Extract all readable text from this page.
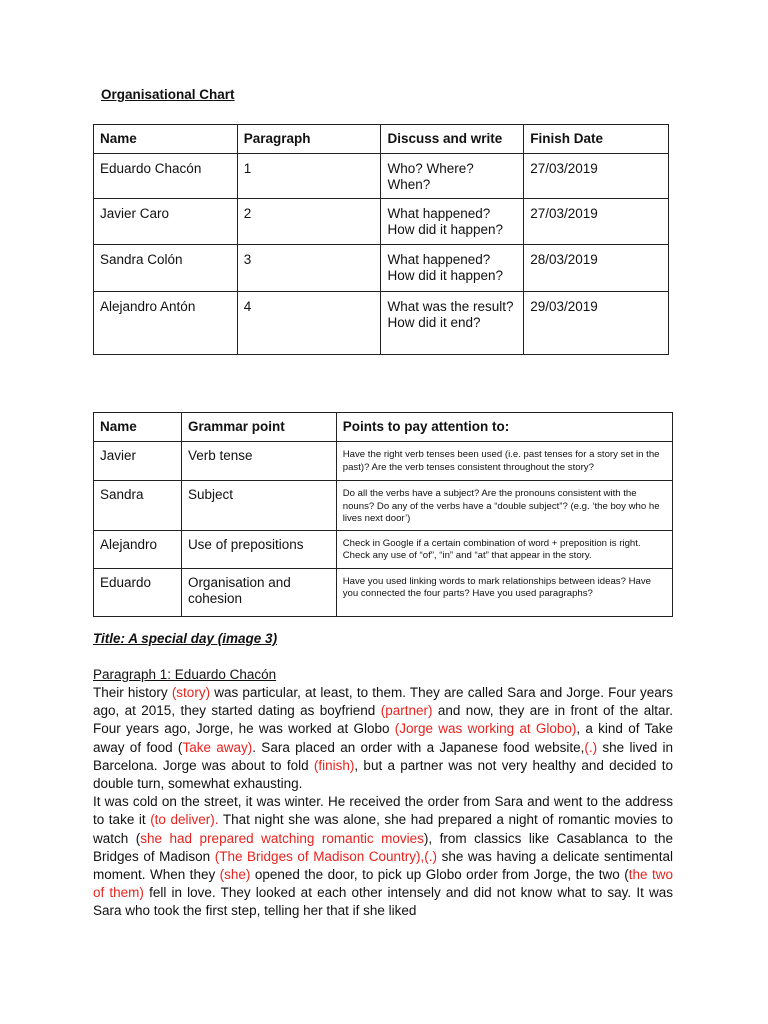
Organisational Chart
Name	Paragraph	Discuss and write	Finish Date
Eduardo Chacón	1	Who? Where? When?	27/03/2019
Javier Caro	2	What happened? How did it happen?	27/03/2019
Sandra Colón	3	What happened? How did it happen?	28/03/2019
Alejandro Antón	4	What was the result? How did it end?	29/03/2019
Name	Grammar point	Points to pay attention to:
Javier	Verb tense	Have the right verb tenses been used (i.e. past tenses for a story set in the past)? Are the verb tenses consistent throughout the story?
Sandra	Subject	Do all the verbs have a subject? Are the pronouns consistent with the nouns? Do any of the verbs have a “double subject”? (e.g. ‘the boy who he lives next door’)
Alejandro	Use of prepositions	Check in Google if a certain combination of word + preposition is right. Check any use of “of”, “in” and “at” that appear in the story.
Eduardo	Organisation and cohesion	Have you used linking words to mark relationships between ideas? Have you connected the four parts? Have you used paragraphs?
Title: A special day (image 3)
Paragraph 1: Eduardo Chacón

Their history (story) was particular, at least, to them. They are called Sara and Jorge. Four years ago, at 2015, they started dating as boyfriend (partner) and now, they are in front of the altar. Four years ago, Jorge, he was worked at Globo (Jorge was working at Globo), a kind of Take away of food (Take away). Sara placed an order with a Japanese food website,(.) she lived in Barcelona. Jorge was about to fold (finish), but a partner was not very healthy and decided to double turn, somewhat exhausting.

It was cold on the street, it was winter. He received the order from Sara and went to the address to take it (to deliver). That night she was alone, she had prepared a night of romantic movies to watch (she had prepared watching romantic movies), from classics like Casablanca to the Bridges of Madison (The Bridges of Madison Country),(.) she was having a delicate sentimental moment. When they (she) opened the door, to pick up Globo order from Jorge, the two (the two of them) fell in love. They looked at each other intensely and did not know what to say. It was Sara who took the first step, telling her that if she liked
